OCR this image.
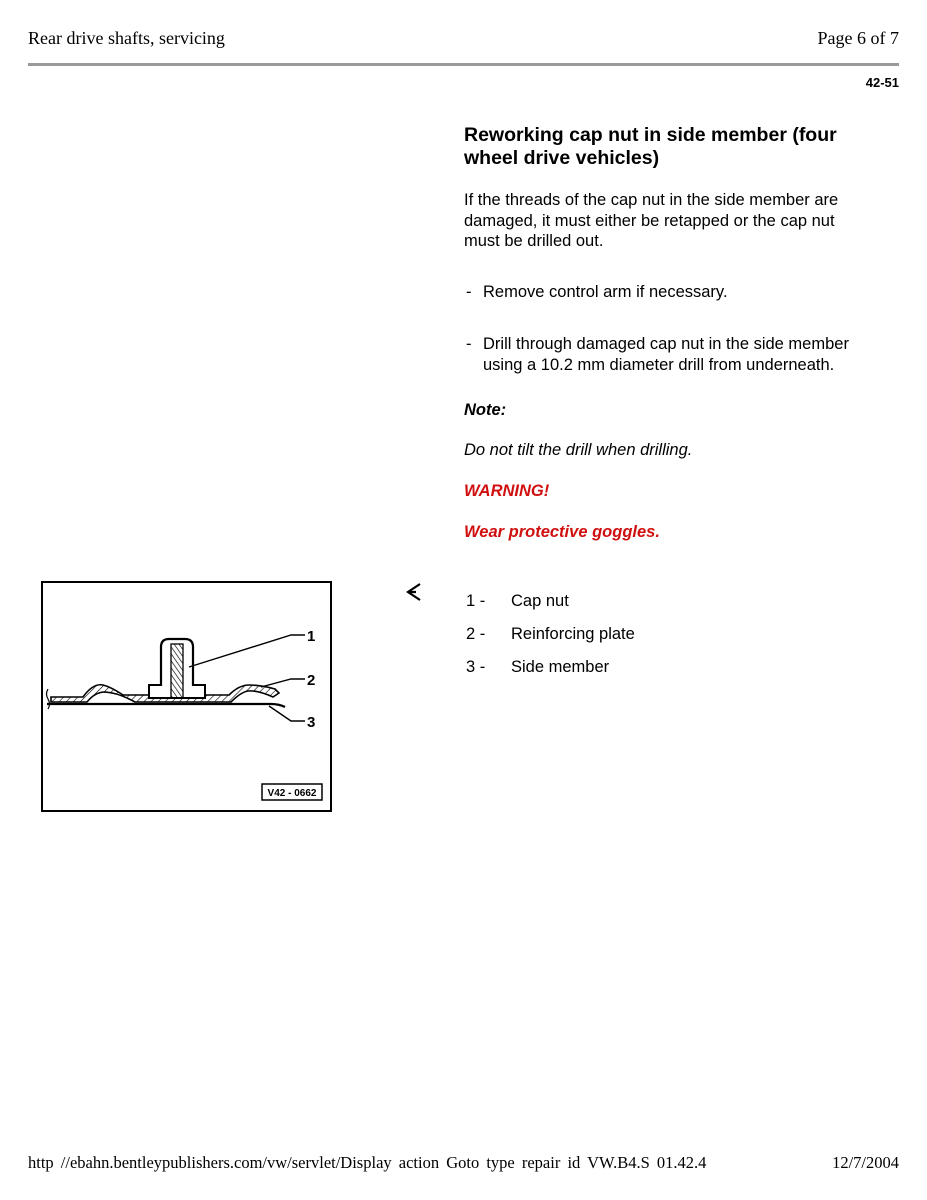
Rear drive shafts, servicing	Page 6 of 7
42-51
Reworking cap nut in side member (four wheel drive vehicles)

If the threads of the cap nut in the side member are damaged, it must either be retapped or the cap nut must be drilled out.

- Remove control arm if necessary.
- Drill through damaged cap nut in the side member using a 10.2 mm diameter drill from underneath.
Note:
Do not tilt the drill when drilling.
WARNING!
Wear protective goggles.
1 - Cap nut
2 - Reinforcing plate
3 - Side member
1
2
3
V42 - 0662
http //ebahn.bentleypublishers.com/vw/servlet/Display action Goto type repair id VW.B4.S 01.42.4	12/7/2004
